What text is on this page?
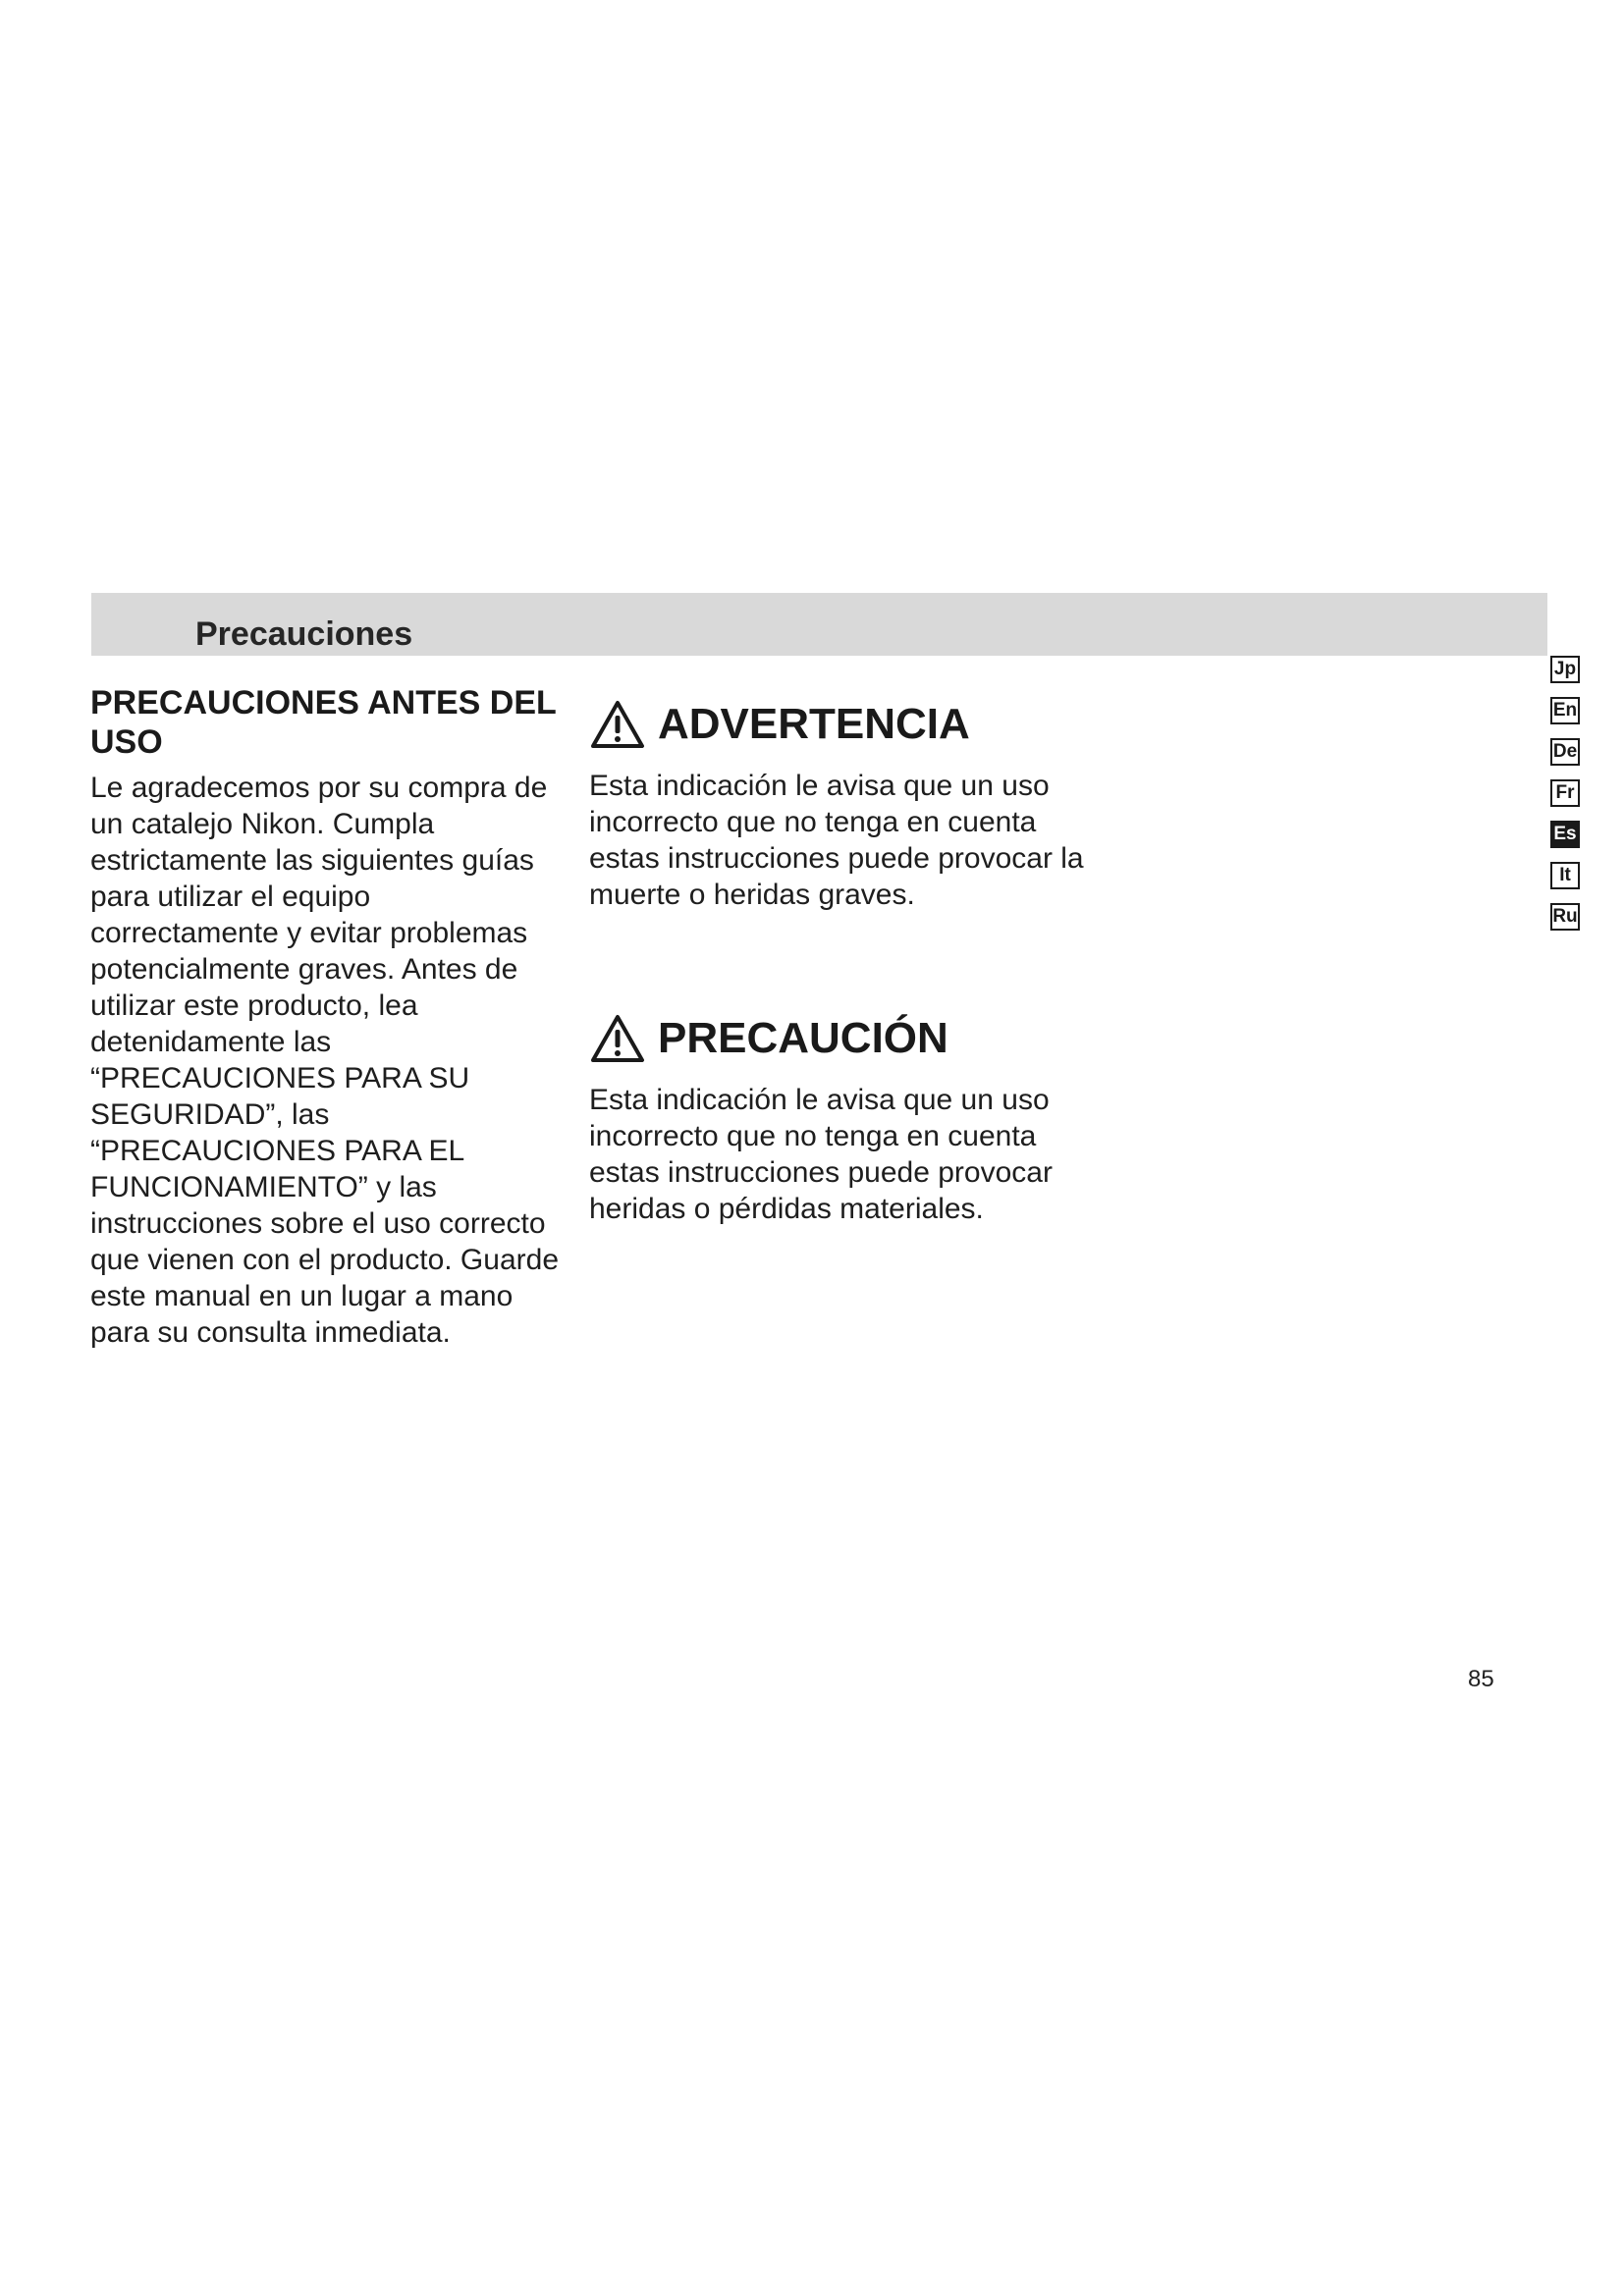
Precauciones
PRECAUCIONES ANTES DEL USO

Le agradecemos por su compra de un catalejo Nikon. Cumpla estrictamente las siguientes guías para utilizar el equipo correctamente y evitar problemas potencialmente graves. Antes de utilizar este producto, lea detenidamente las “PRECAUCIONES PARA SU SEGURIDAD”, las “PRECAUCIONES PARA EL FUNCIONAMIENTO” y las instrucciones sobre el uso correcto que vienen con el producto. Guarde este manual en un lugar a mano para su consulta inmediata.

ADVERTENCIA

Esta indicación le avisa que un uso incorrecto que no tenga en cuenta estas instrucciones puede provocar la muerte o heridas graves.

PRECAUCIÓN

Esta indicación le avisa que un uso incorrecto que no tenga en cuenta estas instrucciones puede provocar heridas o pérdidas materiales.

Jp
En
De
Fr
Es
It
Ru
85
